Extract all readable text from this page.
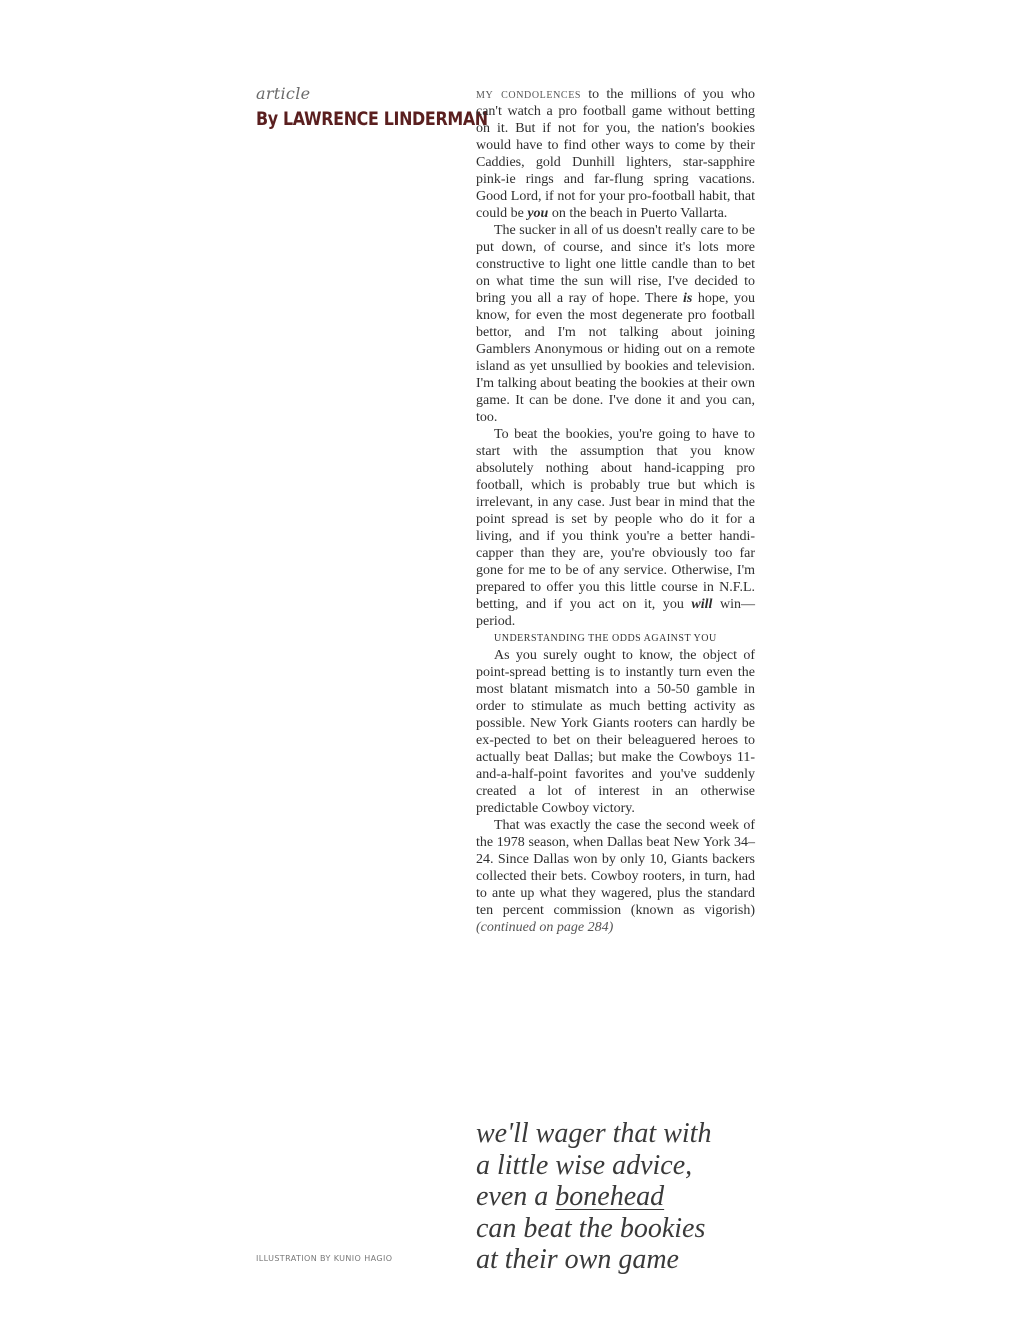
article
By LAWRENCE LINDERMAN

my condolences to the millions of you who can't watch a pro football game without betting on it. But if not for you, the nation's bookies would have to find other ways to come by their Caddies, gold Dunhill lighters, star-sapphire pink-ie rings and far-flung spring vacations. Good Lord, if not for your pro-football habit, that could be you on the beach in Puerto Vallarta.

The sucker in all of us doesn't really care to be put down, of course, and since it's lots more constructive to light one little candle than to bet on what time the sun will rise, I've decided to bring you all a ray of hope. There is hope, you know, for even the most degenerate pro football bettor, and I'm not talking about joining Gamblers Anonymous or hiding out on a remote island as yet unsullied by bookies and television. I'm talking about beating the bookies at their own game. It can be done. I've done it and you can, too.

To beat the bookies, you're going to have to start with the assumption that you know absolutely nothing about hand-icapping pro football, which is probably true but which is irrelevant, in any case. Just bear in mind that the point spread is set by people who do it for a living, and if you think you're a better handi-capper than they are, you're obviously too far gone for me to be of any service. Otherwise, I'm prepared to offer you this little course in N.F.L. betting, and if you act on it, you will win—period.

UNDERSTANDING THE ODDS AGAINST YOU

As you surely ought to know, the object of point-spread betting is to instantly turn even the most blatant mismatch into a 50-50 gamble in order to stimulate as much betting activity as possible. New York Giants rooters can hardly be ex-pected to bet on their beleaguered heroes to actually beat Dallas; but make the Cowboys 11-and-a-half-point favorites and you've suddenly created a lot of interest in an otherwise predictable Cowboy victory.

That was exactly the case the second week of the 1978 season, when Dallas beat New York 34–24. Since Dallas won by only 10, Giants backers collected their bets. Cowboy rooters, in turn, had to ante up what they wagered, plus the standard ten percent commission (known as vigorish) (continued on page 284)

we'll wager that with
a little wise advice,
even a bonehead
can beat the bookies
at their own game
ILLUSTRATION BY KUNIO HAGIO
